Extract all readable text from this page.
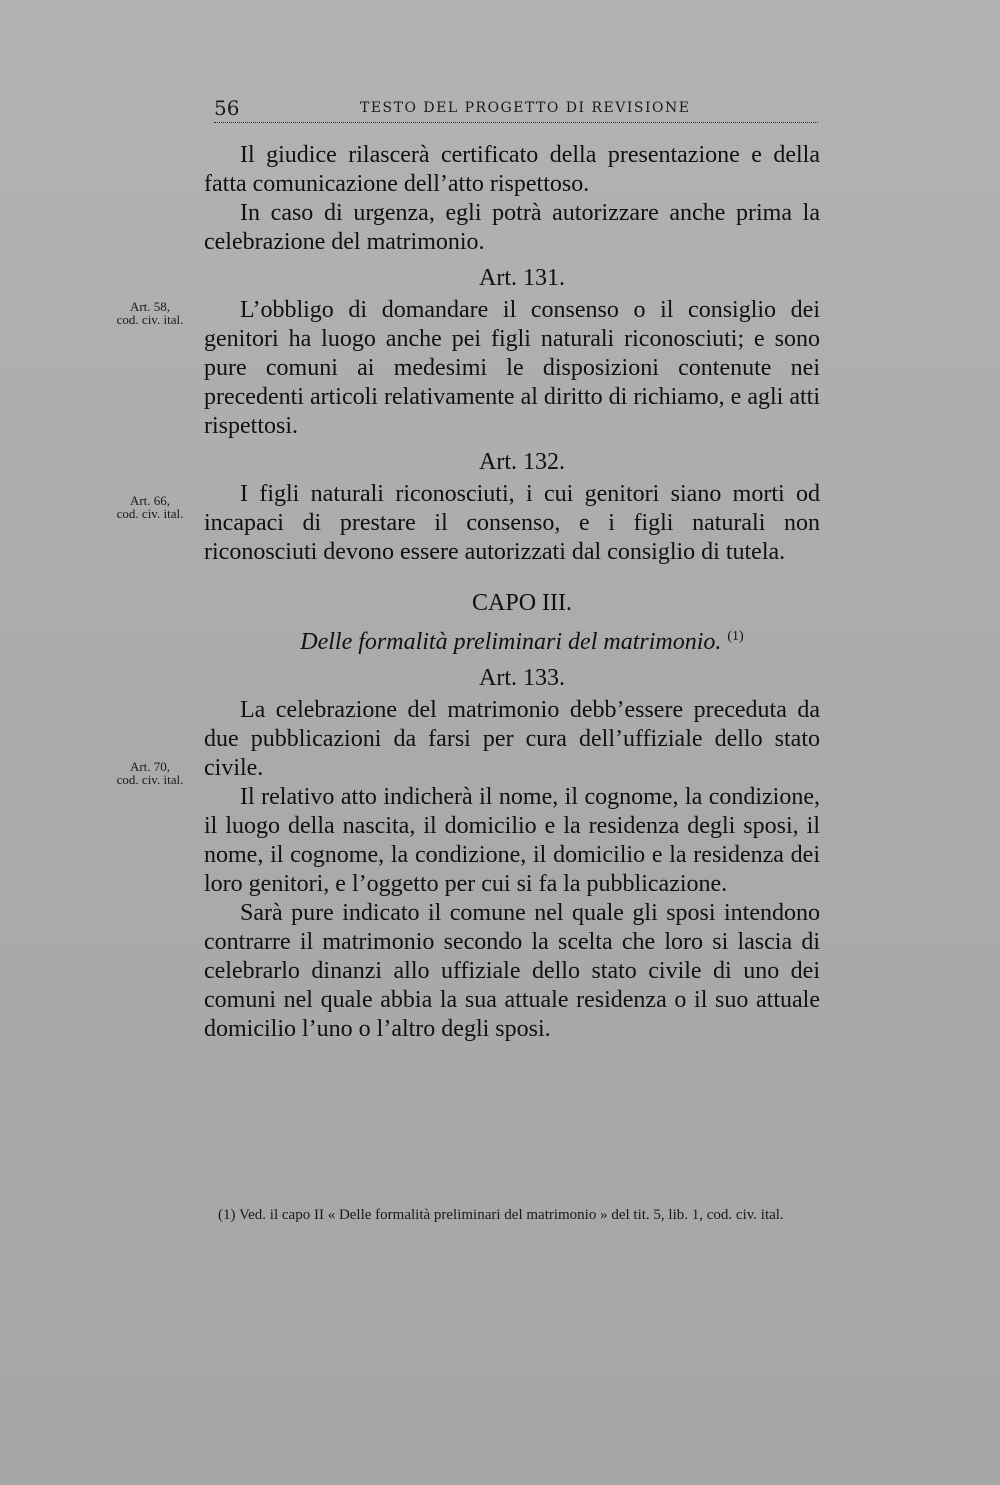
56	TESTO DEL PROGETTO DI REVISIONE
Art. 58,
cod. civ. ital.
Art. 66,
cod. civ. ital.
Art. 70,
cod. civ. ital.

Il giudice rilascerà certificato della presentazione e della fatta comunicazione dell’atto rispettoso.

In caso di urgenza, egli potrà autorizzare anche prima la celebrazione del matrimonio.

Art. 131.

L’obbligo di domandare il consenso o il consiglio dei genitori ha luogo anche pei figli naturali riconosciuti; e sono pure comuni ai medesimi le disposizioni contenute nei precedenti articoli relativamente al diritto di richiamo, e agli atti rispettosi.

Art. 132.

I figli naturali riconosciuti, i cui genitori siano morti od incapaci di prestare il consenso, e i figli naturali non riconosciuti devono essere autorizzati dal consiglio di tutela.

CAPO III.
Delle formalità preliminari del matrimonio. $^{(1)}$
Art. 133.

La celebrazione del matrimonio debb’essere preceduta da due pubblicazioni da farsi per cura dell’uffiziale dello stato civile.

Il relativo atto indicherà il nome, il cognome, la condizione, il luogo della nascita, il domicilio e la residenza degli sposi, il nome, il cognome, la condizione, il domicilio e la residenza dei loro genitori, e l’oggetto per cui si fa la pubblicazione.

Sarà pure indicato il comune nel quale gli sposi intendono contrarre il matrimonio secondo la scelta che loro si lascia di celebrarlo dinanzi allo uffiziale dello stato civile di uno dei comuni nel quale abbia la sua attuale residenza o il suo attuale domicilio l’uno o l’altro degli sposi.

(1) Ved. il capo II « Delle formalità preliminari del matrimonio » del tit. 5, lib. 1, cod. civ. ital.
